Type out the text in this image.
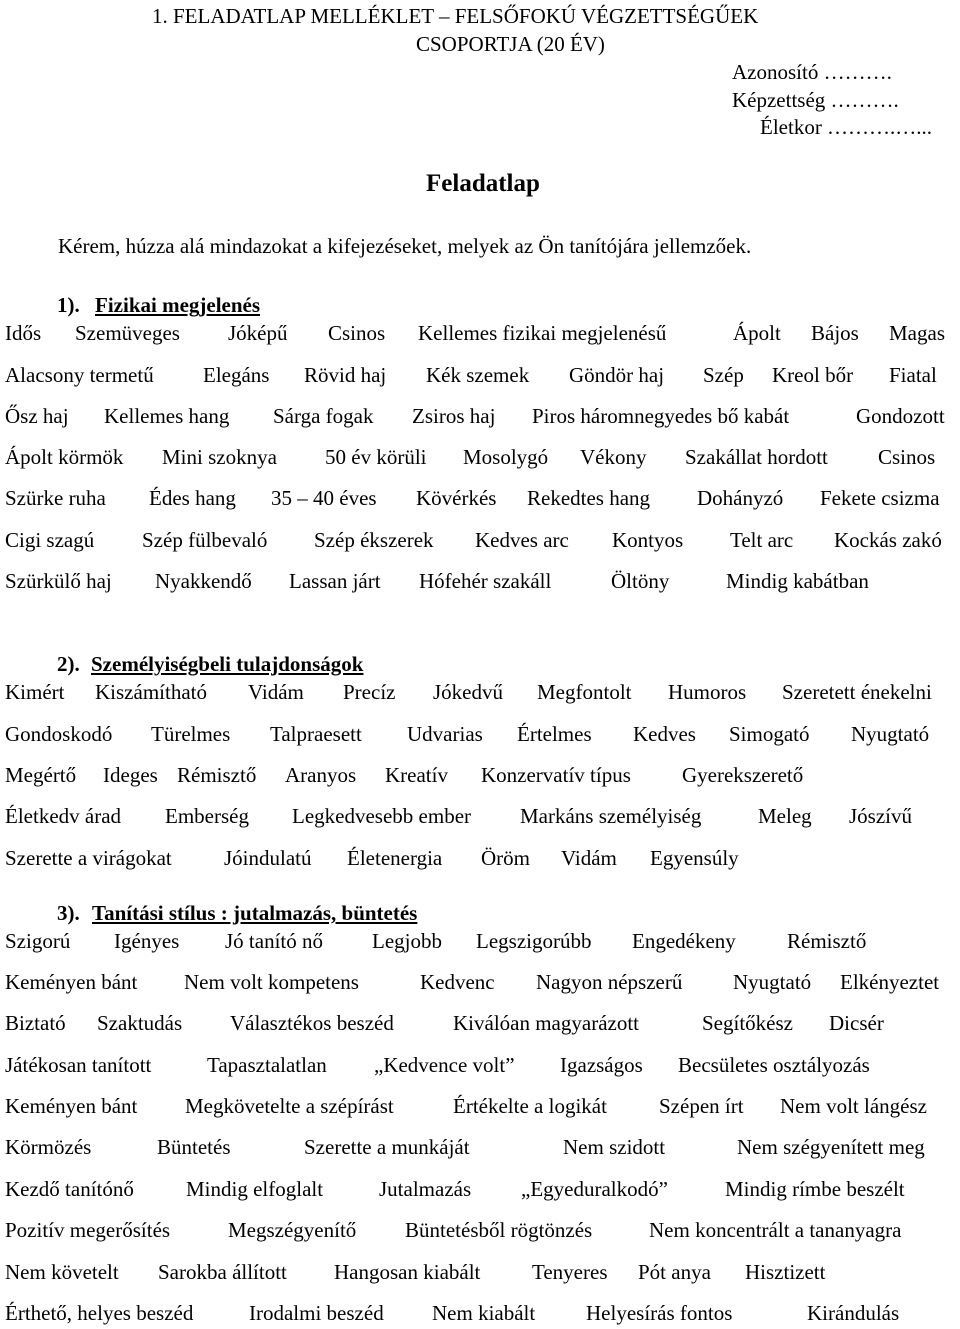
1. FELADATLAP MELLÉKLET – FELSŐFOKÚ VÉGZETTSÉGŰEK
CSOPORTJA (20 ÉV)
Azonosító ……….
Képzettség ……….
Életkor ……….…...
Feladatlap
Kérem, húzza alá mindazokat a kifejezéseket, melyek az Ön tanítójára jellemzőek.
1). Fizikai megjelenés
Idős Szemüveges Jóképű Csinos Kellemes fizikai megjelenésű	Ápolt Bájos Magas
Alacsony termetű Elegáns Rövid haj Kék szemek Göndör haj Szép Kreol bőr Fiatal
Ősz haj Kellemes hang Sárga fogak Zsiros haj Piros háromnegyedes bő kabát	Gondozott
Ápolt körmök Mini szoknya 50 év körüli Mosolygó Vékony Szakállat hordott Csinos
Szürke ruha Édes hang 35 – 40 éves Kövérkés Rekedtes hang Dohányzó Fekete csizma
Cigi szagú Szép fülbevaló Szép ékszerek Kedves arc Kontyos Telt arc Kockás zakó
Szürkülő haj Nyakkendő Lassan járt Hófehér szakáll	Öltöny	Mindig kabátban
2). Személyiségbeli tulajdonságok
Kimért Kiszámítható Vidám Precíz Jókedvű Megfontolt Humoros Szeretett énekelni
Gondoskodó Türelmes Talpraesett Udvarias Értelmes Kedves Simogató Nyugtató
Megértő Ideges Rémisztő Aranyos Kreatív Konzervatív típus Gyerekszerető
Életkedv árad Emberség Legkedvesebb ember Markáns személyiség	Meleg Jószívű
Szerette a virágokat Jóindulatú Életenergia Öröm Vidám Egyensúly
3). Tanítási stílus : jutalmazás, büntetés
Szigorú Igényes Jó tanító nő Legjobb Legszigorúbb Engedékeny Rémisztő
Keményen bánt Nem volt kompetens	Kedvenc Nagyon népszerű Nyugtató Elkényeztet
Biztató Szaktudás Választékos beszéd	Kiválóan magyarázott	Segítőkész Dicsér
Játékosan tanított	Tapasztalatlan „Kedvence volt” Igazságos Becsületes osztályozás
Keményen bánt Megkövetelte a szépírást	Értékelte a logikát Szépen írt Nem volt lángész
Körmözés	Büntetés	Szerette a munkáját	Nem szidott	Nem szégyenített meg
Kezdő tanítónő Mindig elfoglalt	Jutalmazás „Egyeduralkodó”	Mindig rímbe beszélt
Pozitív megerősítés	Megszégyenítő Büntetésből rögtönzés	Nem koncentrált a tananyagra
Nem követelt Sarokba állított Hangosan kiabált Tenyeres Pót anya Hisztizett
Érthető, helyes beszéd	Irodalmi beszéd Nem kiabált Helyesírás fontos	Kirándulás
